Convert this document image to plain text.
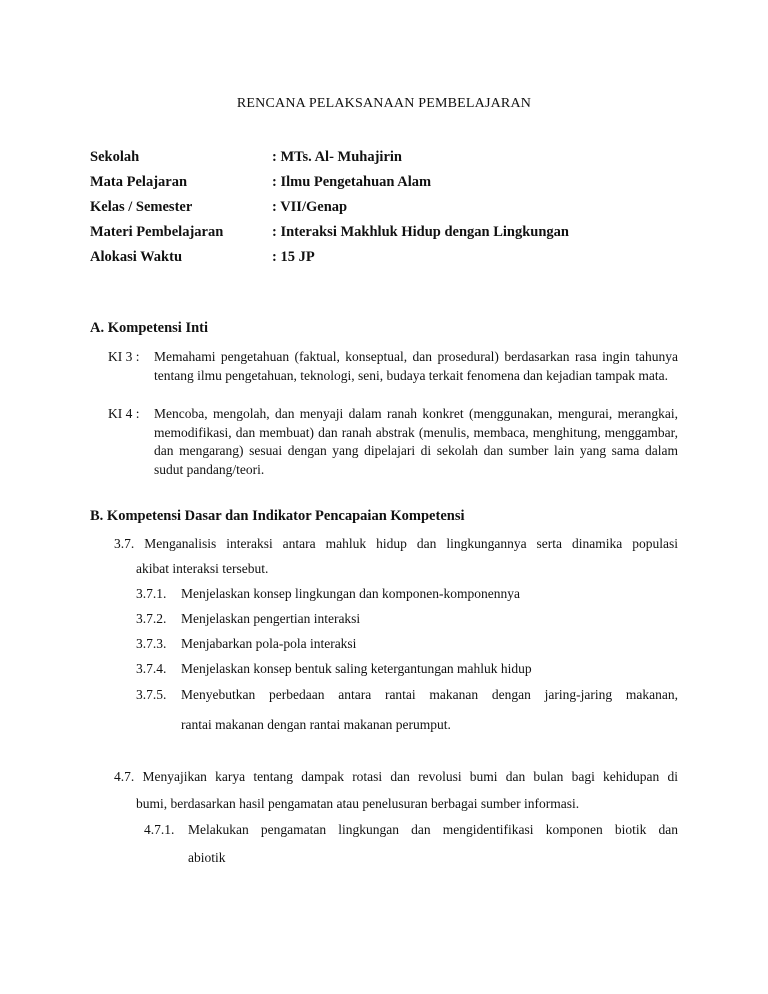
RENCANA PELAKSANAAN PEMBELAJARAN
Sekolah	: MTs. Al- Muhajirin
Mata Pelajaran	: Ilmu Pengetahuan Alam
Kelas / Semester	: VII/Genap
Materi Pembelajaran	: Interaksi Makhluk Hidup dengan Lingkungan
Alokasi Waktu	: 15 JP
A. Kompetensi Inti
KI 3 :	Memahami pengetahuan (faktual, konseptual, dan prosedural) berdasarkan rasa ingin tahunya tentang ilmu pengetahuan, teknologi, seni, budaya terkait fenomena dan kejadian tampak mata.
KI 4 :	Mencoba, mengolah, dan menyaji dalam ranah konkret (menggunakan, mengurai, merangkai, memodifikasi, dan membuat) dan ranah abstrak (menulis, membaca, menghitung, menggambar, dan mengarang) sesuai dengan yang dipelajari di sekolah dan sumber lain yang sama dalam sudut pandang/teori.
B. Kompetensi Dasar dan Indikator Pencapaian Kompetensi
3.7. Menganalisis interaksi antara mahluk hidup dan lingkungannya serta dinamika populasi
akibat interaksi tersebut.
3.7.1. Menjelaskan konsep lingkungan dan komponen-komponennya
3.7.2. Menjelaskan pengertian interaksi
3.7.3. Menjabarkan pola-pola interaksi
3.7.4. Menjelaskan konsep bentuk saling ketergantungan mahluk hidup
3.7.5.	Menyebutkan perbedaan antara rantai makanan dengan jaring-jaring makanan,
rantai makanan dengan rantai makanan perumput.
4.7. Menyajikan karya tentang dampak rotasi dan revolusi bumi dan bulan bagi kehidupan di
bumi, berdasarkan hasil pengamatan atau penelusuran berbagai sumber informasi.
4.7.1.	Melakukan pengamatan lingkungan dan mengidentifikasi komponen biotik dan
abiotik
